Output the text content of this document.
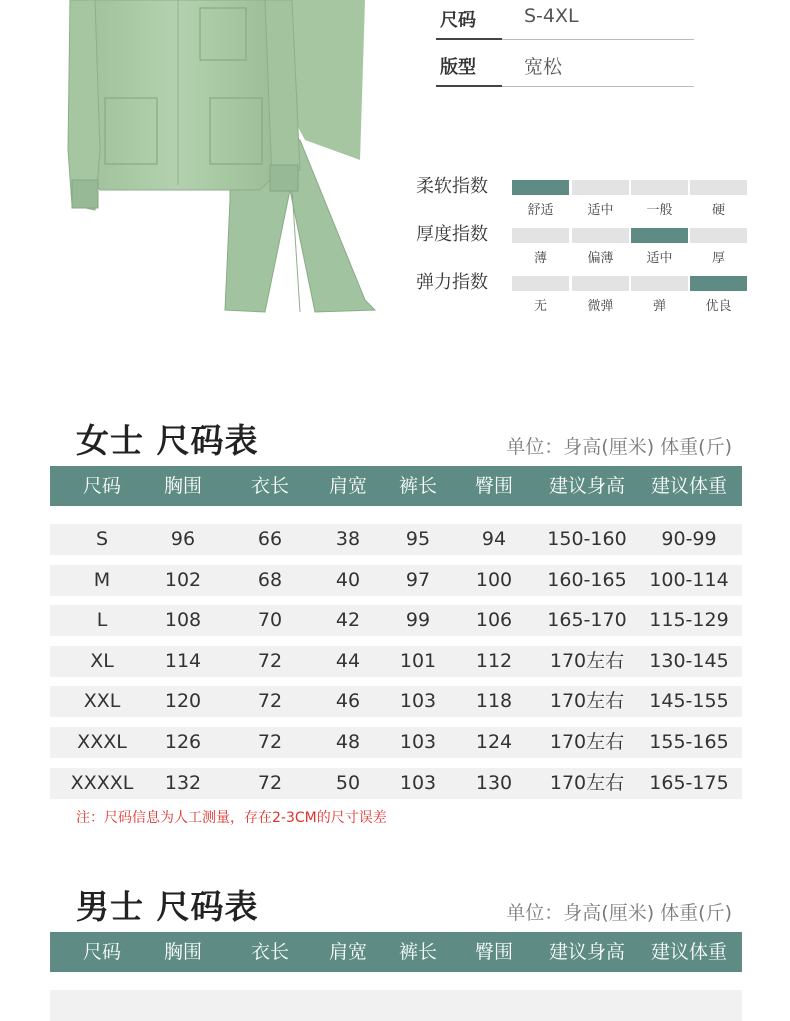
尺码	S-4XL
版型	宽松
柔软指数
舒适	适中	一般	硬
厚度指数
薄	偏薄	适中	厚
弹力指数
无	微弹	弹	优良
女士 尺码表	单位：身高(厘米) 体重(斤)
尺码	胸围	衣长	肩宽	裤长	臀围	建议身高	建议体重
S	96	66	38	95	94	150-160	90-99
M	102	68	40	97	100	160-165	100-114
L	108	70	42	99	106	165-170	115-129
XL	114	72	44	101	112	170左右	130-145
XXL	120	72	46	103	118	170左右	145-155
XXXL	126	72	48	103	124	170左右	155-165
XXXXL	132	72	50	103	130	170左右	165-175
注：尺码信息为人工测量，存在2-3CM的尺寸误差
男士 尺码表	单位：身高(厘米) 体重(斤)
尺码	胸围	衣长	肩宽	裤长	臀围	建议身高	建议体重
